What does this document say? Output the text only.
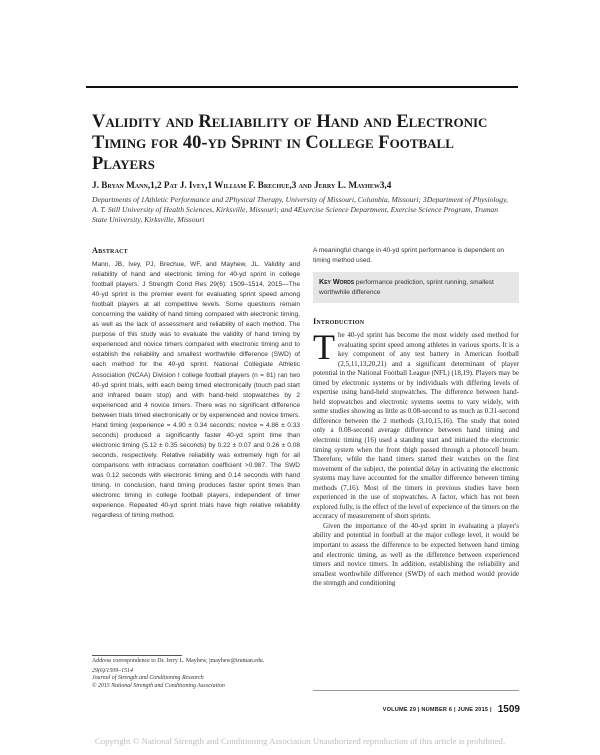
Validity and Reliability of Hand and Electronic Timing for 40-yd Sprint in College Football Players
J. Bryan Mann,1,2 Pat J. Ivey,1 William F. Brechue,3 and Jerry L. Mayhew3,4
Departments of 1Athletic Performance and 2Physical Therapy, University of Missouri, Columbia, Missouri; 3Department of Physiology, A. T. Still University of Health Sciences, Kirksville, Missouri; and 4Exercise Science Department, Exercise Science Program, Truman State University, Kirksville, Missouri
Abstract

Mann, JB, Ivey, PJ, Brechue, WF, and Mayhew, JL. Validity and reliability of hand and electronic timing for 40-yd sprint in college football players. J Strength Cond Res 29(6): 1509–1514, 2015—The 40-yd sprint is the premier event for evaluating sprint speed among football players at all competitive levels. Some questions remain concerning the validity of hand timing compared with electronic timing, as well as the lack of assessment and reliability of each method. The purpose of this study was to evaluate the validity of hand timing by experienced and novice timers compared with electronic timing and to establish the reliability and smallest worthwhile difference (SWD) of each method for the 40-yd sprint. National Collegiate Athletic Association (NCAA) Division I college football players (n = 81) ran two 40-yd sprint trials, with each being timed electronically (touch pad start and infrared beam stop) and with hand-held stopwatches by 2 experienced and 4 novice timers. There was no significant difference between trials timed electronically or by experienced and novice timers. Hand timing (experience = 4.90 ± 0.34 seconds; novice = 4.86 ± 0.33 seconds) produced a significantly faster 40-yd sprint time than electronic timing (5.12 ± 0.35 seconds) by 0.22 ± 0.07 and 0.26 ± 0.08 seconds, respectively. Relative reliability was extremely high for all comparisons with intraclass correlation coefficient >0.987. The SWD was 0.12 seconds with electronic timing and 0.14 seconds with hand timing. In conclusion, hand timing produces faster sprint times than electronic timing in college football players, independent of timer experience. Repeated 40-yd sprint trials have high relative reliability regardless of timing method.

A meaningful change in 40-yd sprint performance is dependent on timing method used.

Key Words performance prediction, sprint running, smallest worthwhile difference
Introduction

The 40-yd sprint has become the most widely used method for evaluating sprint speed among athletes in various sports. It is a key component of any test battery in American football (2,5,11,13,20,21) and a significant determinant of player potential in the National Football League (NFL) (18,19). Players may be timed by electronic systems or by individuals with differing levels of expertise using hand-held stopwatches. The difference between hand-held stopwatches and electronic systems seems to vary widely, with some studies showing as little as 0.08-second to as much as 0.31-second difference between the 2 methods (3,10,15,16). The study that noted only a 0.08-second average difference between hand timing and electronic timing (16) used a standing start and initiated the electronic timing system when the front thigh passed through a photocell beam. Therefore, while the hand timers started their watches on the first movement of the subject, the potential delay in activating the electronic systems may have accounted for the smaller difference between timing methods (7,16). Most of the timers in previous studies have been experienced in the use of stopwatches. A factor, which has not been explored fully, is the effect of the level of experience of the timers on the accuracy of measurement of short sprints.

Given the importance of the 40-yd sprint in evaluating a player's ability and potential in football at the major college level, it would be important to assess the difference to be expected between hand timing and electronic timing, as well as the difference between experienced timers and novice timers. In addition, establishing the reliability and smallest worthwhile difference (SWD) of each method would provide the strength and conditioning

Address correspondence to Dr. Jerry L. Mayhew, jmayhew@truman.edu.
29(6)/1509–1514
Journal of Strength and Conditioning Research
© 2015 National Strength and Conditioning Association
VOLUME 29 | NUMBER 6 | JUNE 2015 | 1509
Copyright © National Strength and Conditioning Association Unauthorized reproduction of this article is prohibited.
